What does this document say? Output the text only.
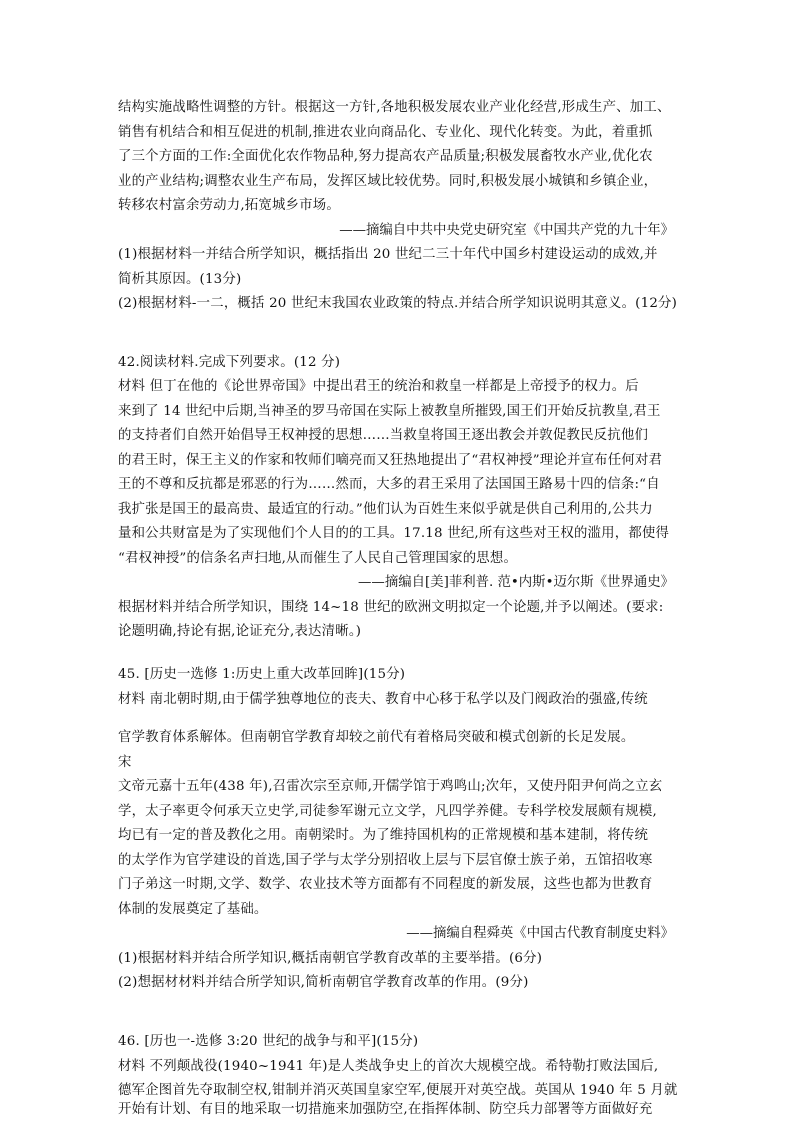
结构实施战略性调整的方针。根据这一方针,各地积极发展农业产业化经营,形成生产、加工、
销售有机结合和相互促进的机制,推进农业向商品化、专业化、现代化转变。为此，着重抓
了三个方面的工作:全面优化农作物品种,努力提高农产品质量;积极发展畜牧水产业,优化农
业的产业结构;调整农业生产布局，发挥区域比较优势。同时,积极发展小城镇和乡镇企业，
转移农村富余劳动力,拓宽城乡市场。
——摘编自中共中央党史研究室《中国共产党的九十年》
(1)根据材料一并结合所学知识，概括指出 20 世纪二三十年代中国乡村建设运动的成效,并
简析其原因。(13分)
(2)根据材料-一二，概括 20 世纪末我国农业政策的特点.并结合所学知识说明其意义。(12分)
42.阅读材料.完成下列要求。(12 分)
材料 但丁在他的《论世界帝国》中提出君王的统治和救皇一样都是上帝授予的权力。后
来到了 14 世纪中后期,当神圣的罗马帝国在实际上被教皇所摧毁,国王们开始反抗教皇,君王
的支持者们自然开始倡导王权神授的思想……当救皇将国王逐出教会并敦促教民反抗他们
的君王时，保王主义的作家和牧师们嘀亮而又狂热地提出了“君权神授”理论并宣布任何对君
王的不尊和反抗都是邪恶的行为……然而，大多的君王采用了法国国王路易十四的信条:“自
我扩张是国王的最高贵、最适宜的行动。”他们认为百姓生来似乎就是供自己利用的,公共力
量和公共财富是为了实现他们个人目的的工具。17.18 世纪,所有这些对王权的滥用，都使得
“君权神授”的信条名声扫地,从而催生了人民自己管理国家的思想。
——摘编自[美]菲利普. 范•内斯•迈尔斯《世界通史》
根据材料并结合所学知识，围绕 14~18 世纪的欧洲文明拟定一个论题,并予以阐述。(要求:
论题明确,持论有据,论证充分,表达清晰。)
45. [历史一选修 1:历史上重大改革回眸](15分)
材料 南北朝时期,由于儒学独尊地位的丧夫、教育中心移于私学以及门阀政治的强盛,传统
官学教育体系解体。但南朝官学教育却较之前代有着格局突破和模式创新的长足发展。
宋
文帝元嘉十五年(438 年),召雷次宗至京师,开儒学馆于鸡鸣山;次年，又使丹阳尹何尚之立玄
学，太子率更令何承天立史学,司徒参军谢元立文学，凡四学养健。专科学校发展颇有规模,
均已有一定的普及教化之用。南朝梁时。为了维持国机构的正常规模和基本建制，将传统
的太学作为官学建设的首选,国子学与太学分别招收上层与下层官僚士族子弟，五馆招收寒
门子弟这一时期,文学、数学、农业技术等方面都有不同程度的新发展，这些也都为世教育
体制的发展奠定了基础。
——摘编自程舜英《中国古代教育制度史料》
(1)根据材料并结合所学知识,概括南朝官学教育改革的主要举措。(6分)
(2)想据材材料并结合所学知识,简析南朝官学教育改革的作用。(9分)
46. [历也一-选修 3:20 世纪的战争与和平](15分)
材料 不列颠战役(1940~1941 年)是人类战争史上的首次大规模空战。希特勒打败法国后,
德军企图首先夺取制空权,钳制并消灭英国皇家空军,便展开对英空战。英国从 1940 年 5 月就
开始有计划、有目的地采取一切措施来加强防空,在指挥体制、防空兵力部署等方面做好充
